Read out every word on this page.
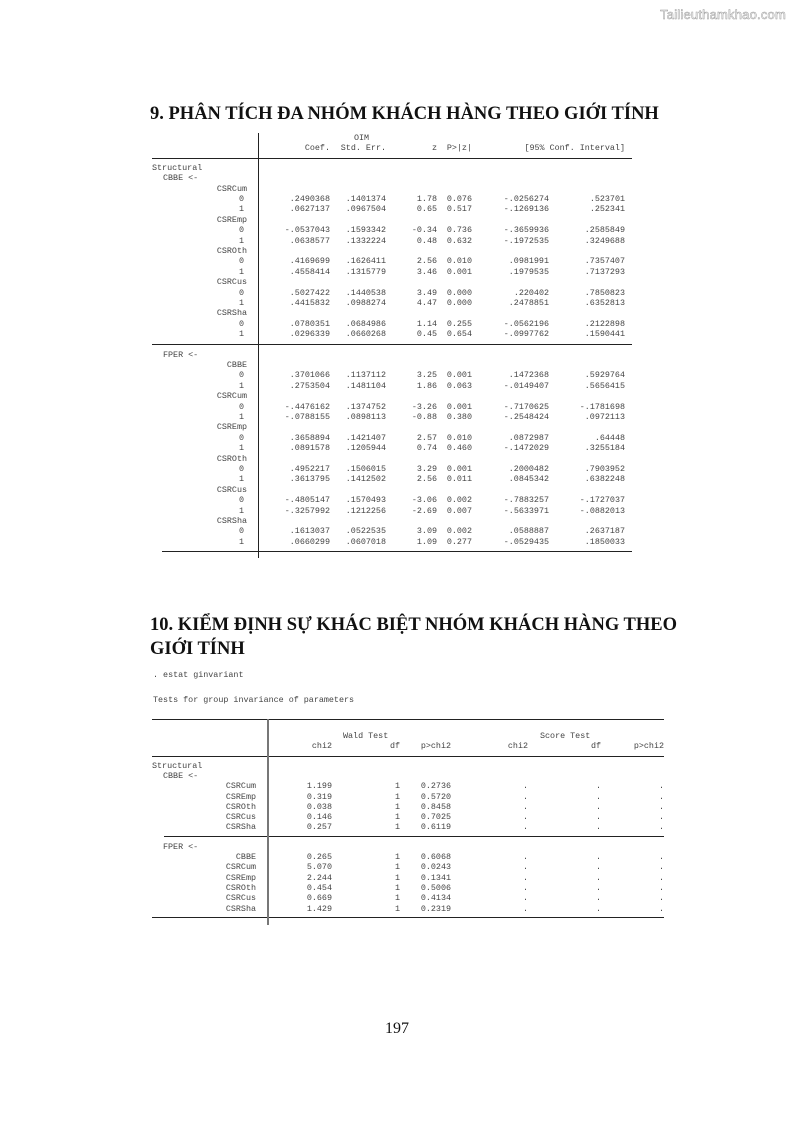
Tailieuthamkhao.com
9. PHÂN TÍCH ĐA NHÓM KHÁCH HÀNG THEO GIỚI TÍNH
OIM
Coef. Std. Err.	z P>|z|	[95% Conf. Interval]
Structural
CBBE <-
CSRCum
0	.2490368 .1401374	1.78 0.076	-.0256274	.523701
1	.0627137 .0967504	0.65 0.517	-.1269136	.252341
CSREmp
0	-.0537043 .1593342	-0.34 0.736	-.3659936	.2585849
1	.0638577 .1332224	0.48 0.632	-.1972535	.3249688
CSROth
0	.4169699 .1626411	2.56 0.010	.0981991	.7357407
1	.4558414 .1315779	3.46 0.001	.1979535	.7137293
CSRCus
0	.5027422 .1440538	3.49 0.000	.220402	.7850823
1	.4415832 .0988274	4.47 0.000	.2478851	.6352813
CSRSha
0	.0780351 .0684986	1.14 0.255	-.0562196	.2122898
1	.0296339 .0660268	0.45 0.654	-.0997762	.1590441
FPER <-
CBBE
0	.3701066 .1137112	3.25 0.001	.1472368	.5929764
1	.2753504 .1481104	1.86 0.063	-.0149407	.5656415
CSRCum
0	-.4476162 .1374752	-3.26 0.001	-.7170625	-.1781698
1	-.0788155 .0898113	-0.88 0.380	-.2548424	.0972113
CSREmp
0	.3658894 .1421407	2.57 0.010	.0872987	.64448
1	.0891578 .1205944	0.74 0.460	-.1472029	.3255184
CSROth
0	.4952217 .1506015	3.29 0.001	.2000482	.7903952
1	.3613795 .1412502	2.56 0.011	.0845342	.6382248
CSRCus
0	-.4805147 .1570493	-3.06 0.002	-.7883257	-.1727037
1	-.3257992 .1212256	-2.69 0.007	-.5633971	-.0882013
CSRSha
0	.1613037 .0522535	3.09 0.002	.0588887	.2637187
1	.0660299 .0607018	1.09 0.277	-.0529435	.1850033
10. KIỂM ĐỊNH SỰ KHÁC BIỆT NHÓM KHÁCH HÀNG THEO GIỚI TÍNH
. estat ginvariant
Tests for group invariance of parameters
Wald Test	Score Test
chi2	df p>chi2	chi2	df	p>chi2
Structural
CBBE <-
CSRCum	1.199	1 0.2736	.	.	.
CSREmp	0.319	1 0.5720	.	.	.
CSROth	0.038	1 0.8458	.	.	.
CSRCus	0.146	1 0.7025	.	.	.
CSRSha	0.257	1 0.6119	.	.	.
FPER <-
CBBE	0.265	1 0.6068	.	.	.
CSRCum	5.070	1 0.0243	.	.	.
CSREmp	2.244	1 0.1341	.	.	.
CSROth	0.454	1 0.5006	.	.	.
CSRCus	0.669	1 0.4134	.	.	.
CSRSha	1.429	1 0.2319	.	.	.
197
